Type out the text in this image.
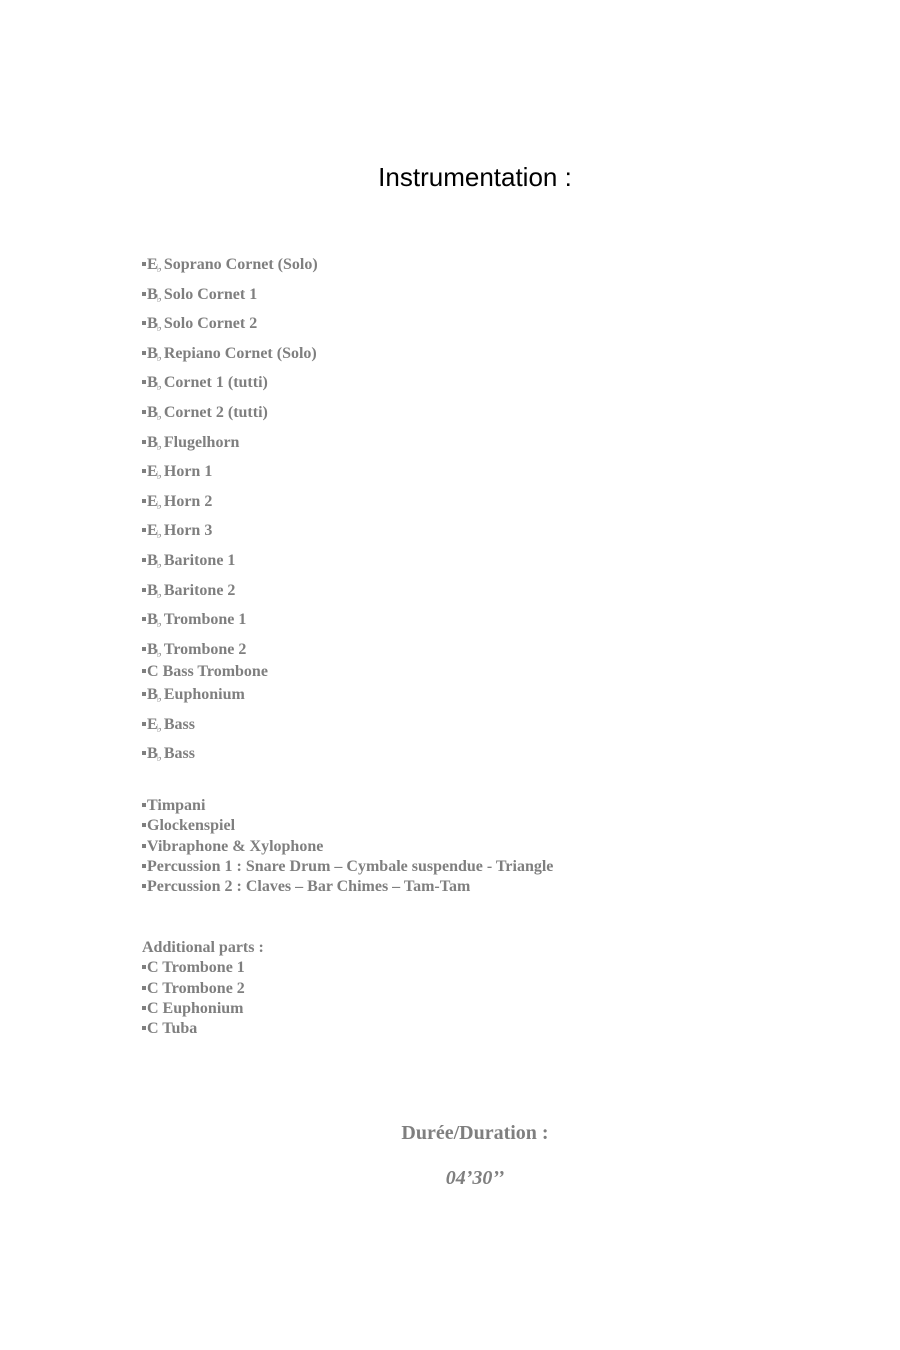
Instrumentation :
E♭ Soprano Cornet (Solo)
B♭ Solo Cornet 1
B♭ Solo Cornet 2
B♭ Repiano Cornet (Solo)
B♭ Cornet 1 (tutti)
B♭ Cornet 2 (tutti)
B♭ Flugelhorn
E♭ Horn 1
E♭ Horn 2
E♭ Horn 3
B♭ Baritone 1
B♭ Baritone 2
B♭ Trombone 1
B♭ Trombone 2
C Bass Trombone
B♭ Euphonium
E♭ Bass
B♭ Bass
Timpani
Glockenspiel
Vibraphone & Xylophone
Percussion 1 : Snare Drum – Cymbale suspendue - Triangle
Percussion 2 : Claves – Bar Chimes – Tam-Tam
Additional parts :
C Trombone 1
C Trombone 2
C Euphonium
C Tuba
Durée/Duration :
04’30’’
